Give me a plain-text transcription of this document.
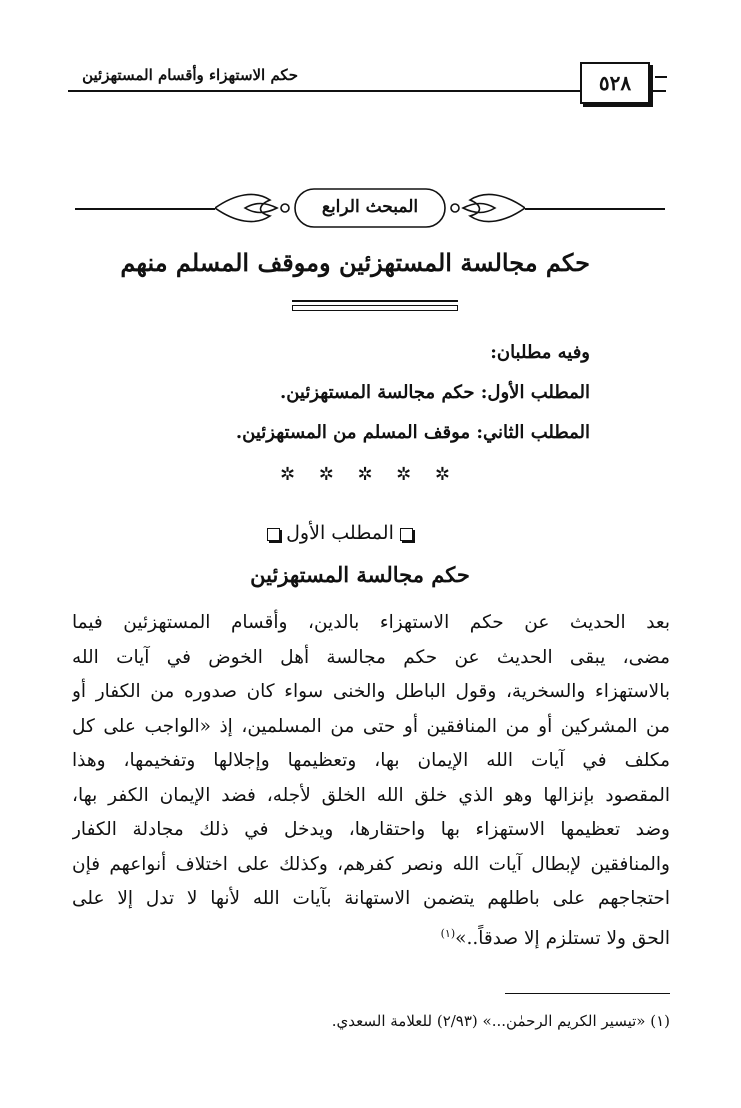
حكم الاستهزاء وأقسام المستهزئين	٥٢٨
المبحث الرابع
حكم مجالسة المستهزئين وموقف المسلم منهم
وفيه مطلبان:
المطلب الأول: حكم مجالسة المستهزئين.
المطلب الثاني: موقف المسلم من المستهزئين.
✲ ✲ ✲ ✲ ✲
المطلب الأول
حكم مجالسة المستهزئين
بعد الحديث عن حكم الاستهزاء بالدين، وأقسام المستهزئين فيما
مضى، يبقى الحديث عن حكم مجالسة أهل الخوض في آيات الله
بالاستهزاء والسخرية، وقول الباطل والخنى سواء كان صدوره من الكفار أو
من المشركين أو من المنافقين أو حتى من المسلمين، إذ «الواجب على كل
مكلف في آيات الله الإيمان بها، وتعظيمها وإجلالها وتفخيمها، وهذا
المقصود بإنزالها وهو الذي خلق الله الخلق لأجله، فضد الإيمان الكفر بها،
وضد تعظيمها الاستهزاء بها واحتقارها، ويدخل في ذلك مجادلة الكفار
والمنافقين لإبطال آيات الله ونصر كفرهم، وكذلك على اختلاف أنواعهم فإن
احتجاجهم على باطلهم يتضمن الاستهانة بآيات الله لأنها لا تدل إلا على
الحق ولا تستلزم إلا صدقاً..»$^{(١)}$
(١) «تيسير الكريم الرحمٰن...» (٢/٩٣) للعلامة السعدي.
